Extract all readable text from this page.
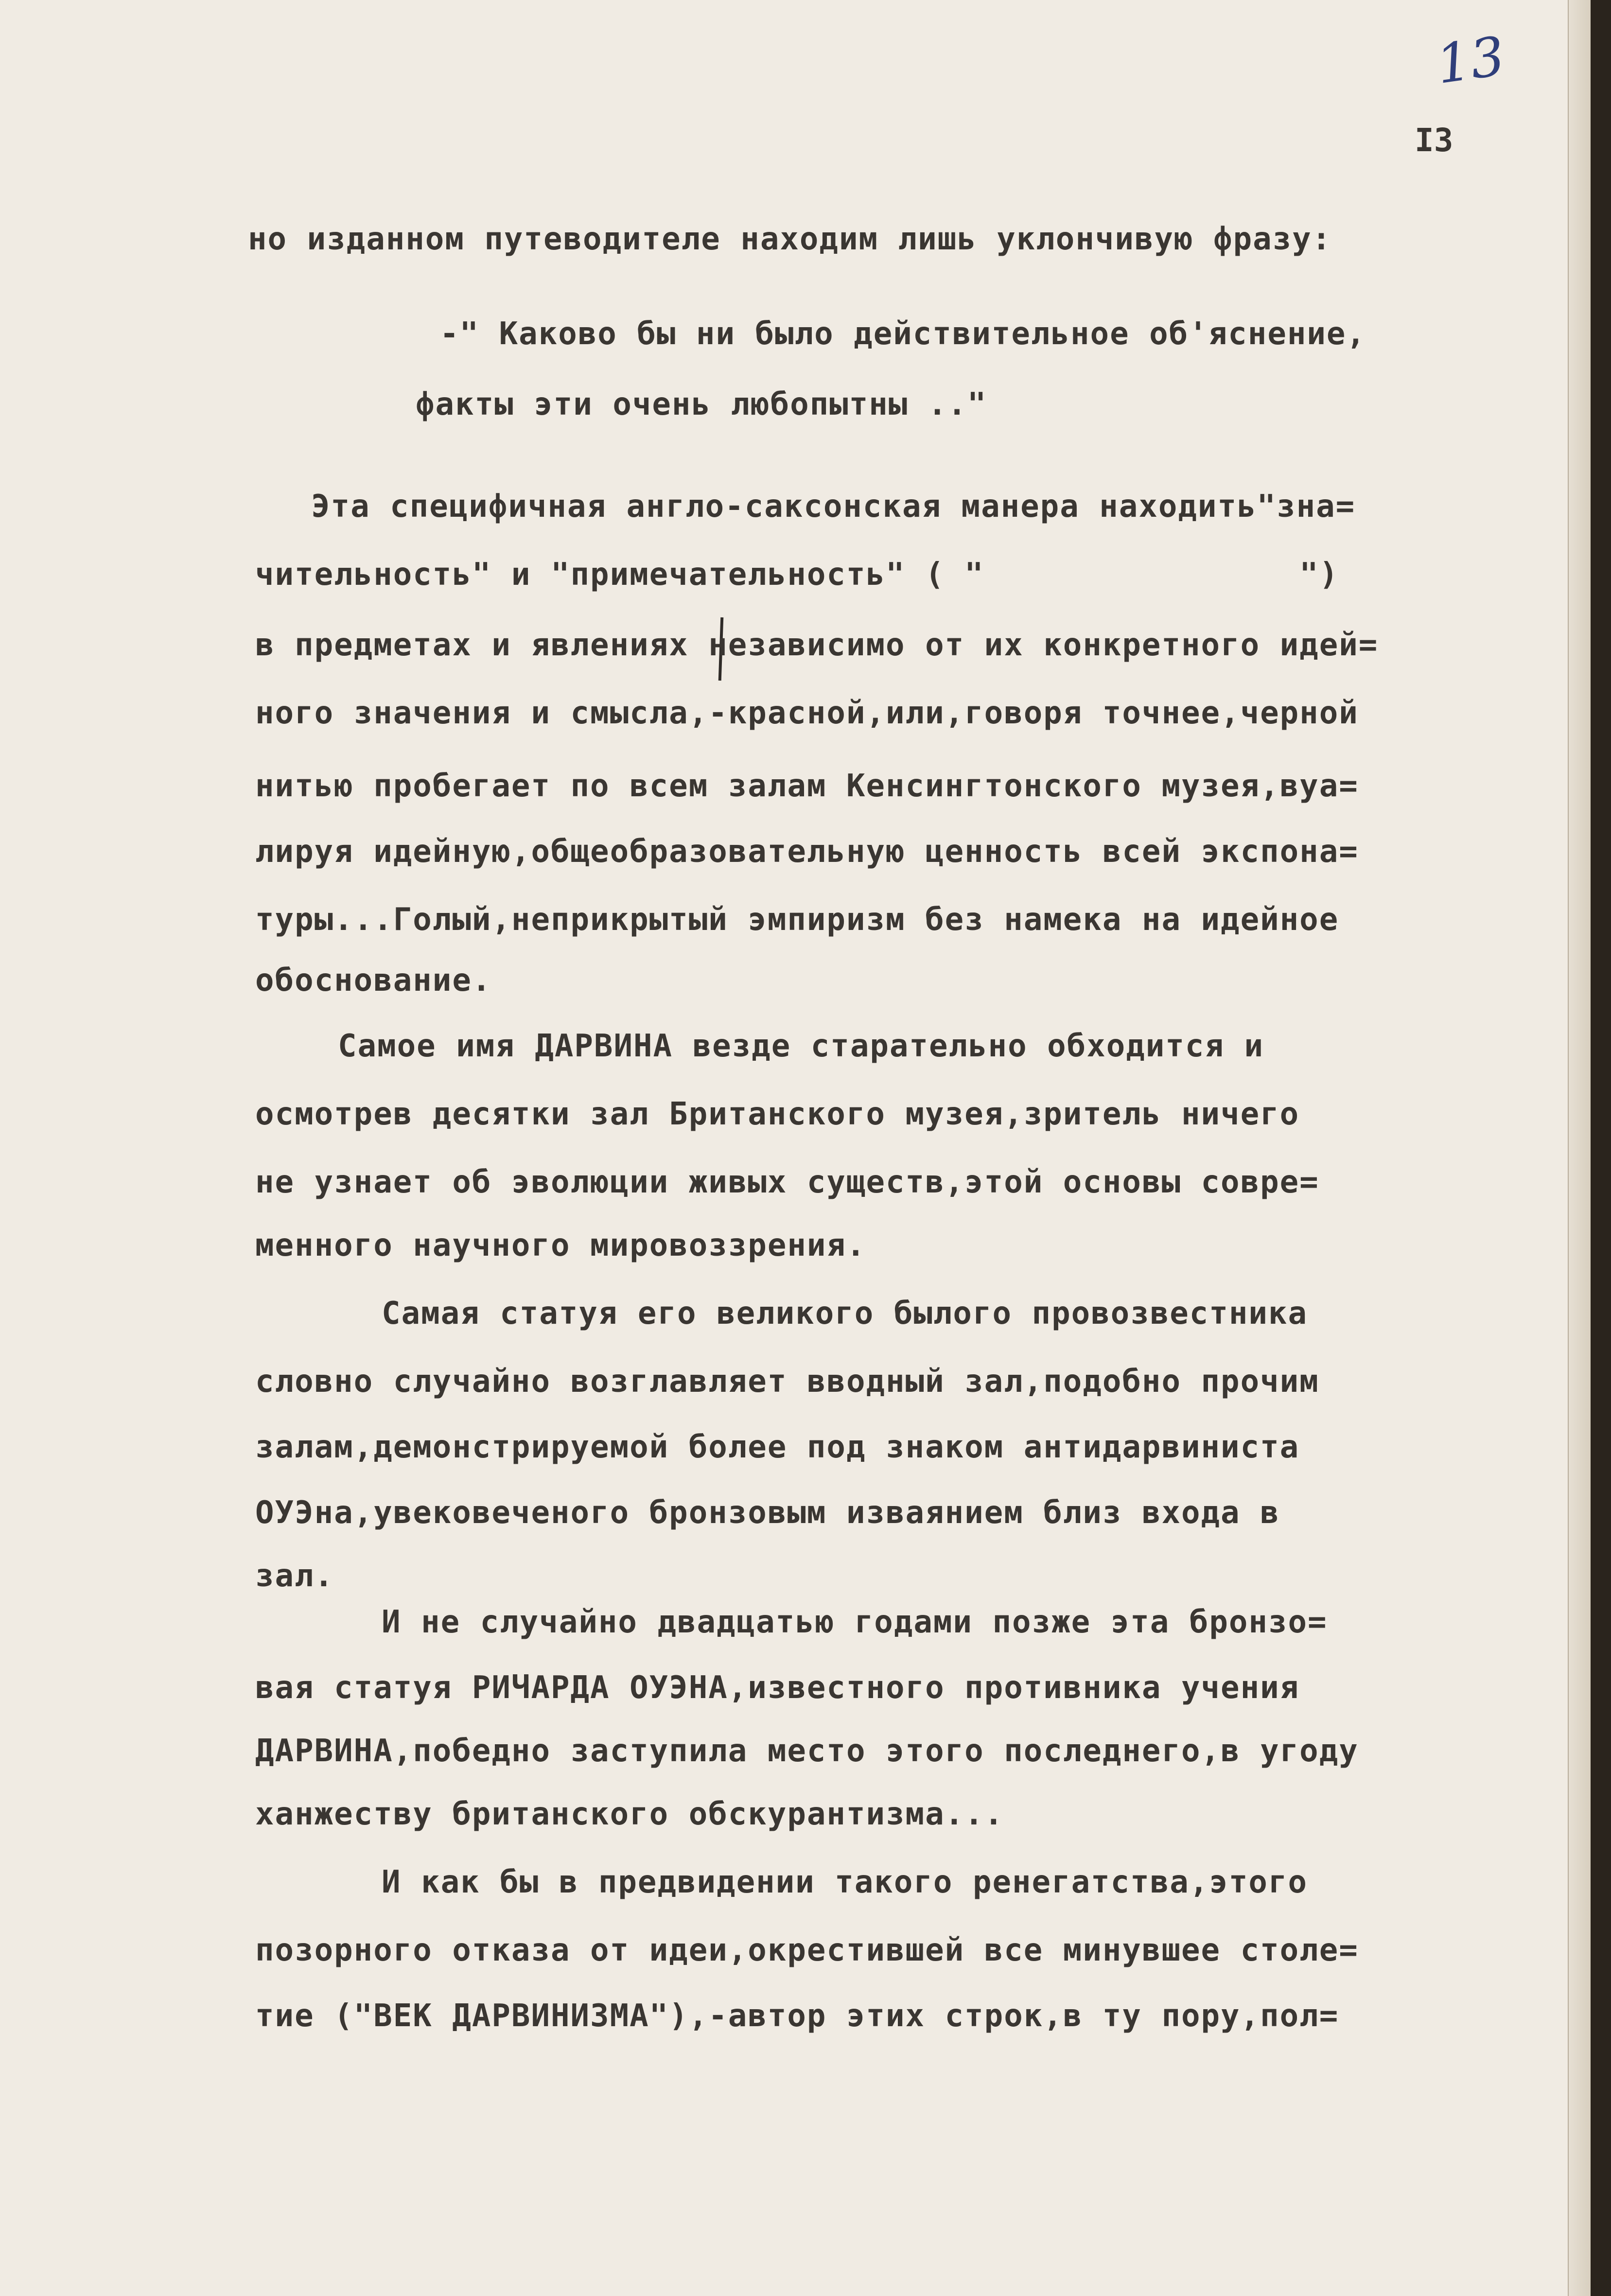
13
I3
но изданном путеводителе находим лишь уклончивую фразу:
-" Каково бы ни было действительное об'яснение,
факты эти очень любопытны .."
Эта специфичная англо-саксонская манера находить"зна=
чительность" и "примечательность" ( "                ")
в предметах и явлениях независимо от их конкретного идей=
ного значения и смысла,-красной,или,говоря точнее,черной
нитью пробегает по всем залам Кенсингтонского музея,вуа=
лируя идейную,общеобразовательную ценность всей экспона=
туры...Голый,неприкрытый эмпиризм без намека на идейное
обоснование.
Самое имя ДАРВИНА везде старательно обходится и
осмотрев десятки зал Британского музея,зритель ничего
не узнает об эволюции живых существ,этой основы совре=
менного научного мировоззрения.
Самая статуя его великого былого провозвестника
словно случайно возглавляет вводный зал,подобно прочим
залам,демонстрируемой более под знаком антидарвиниста
ОУЭна,увековеченого бронзовым изваянием близ входа в
зал.
И не случайно двадцатью годами позже эта бронзо=
вая статуя РИЧАРДА ОУЭНА,известного противника учения
ДАРВИНА,победно заступила место этого последнего,в угоду
ханжеству британского обскурантизма...
И как бы в предвидении такого ренегатства,этого
позорного отказа от идеи,окрестившей все минувшее столе=
тие ("ВЕК ДАРВИНИЗМА"),-автор этих строк,в ту пору,пол=
